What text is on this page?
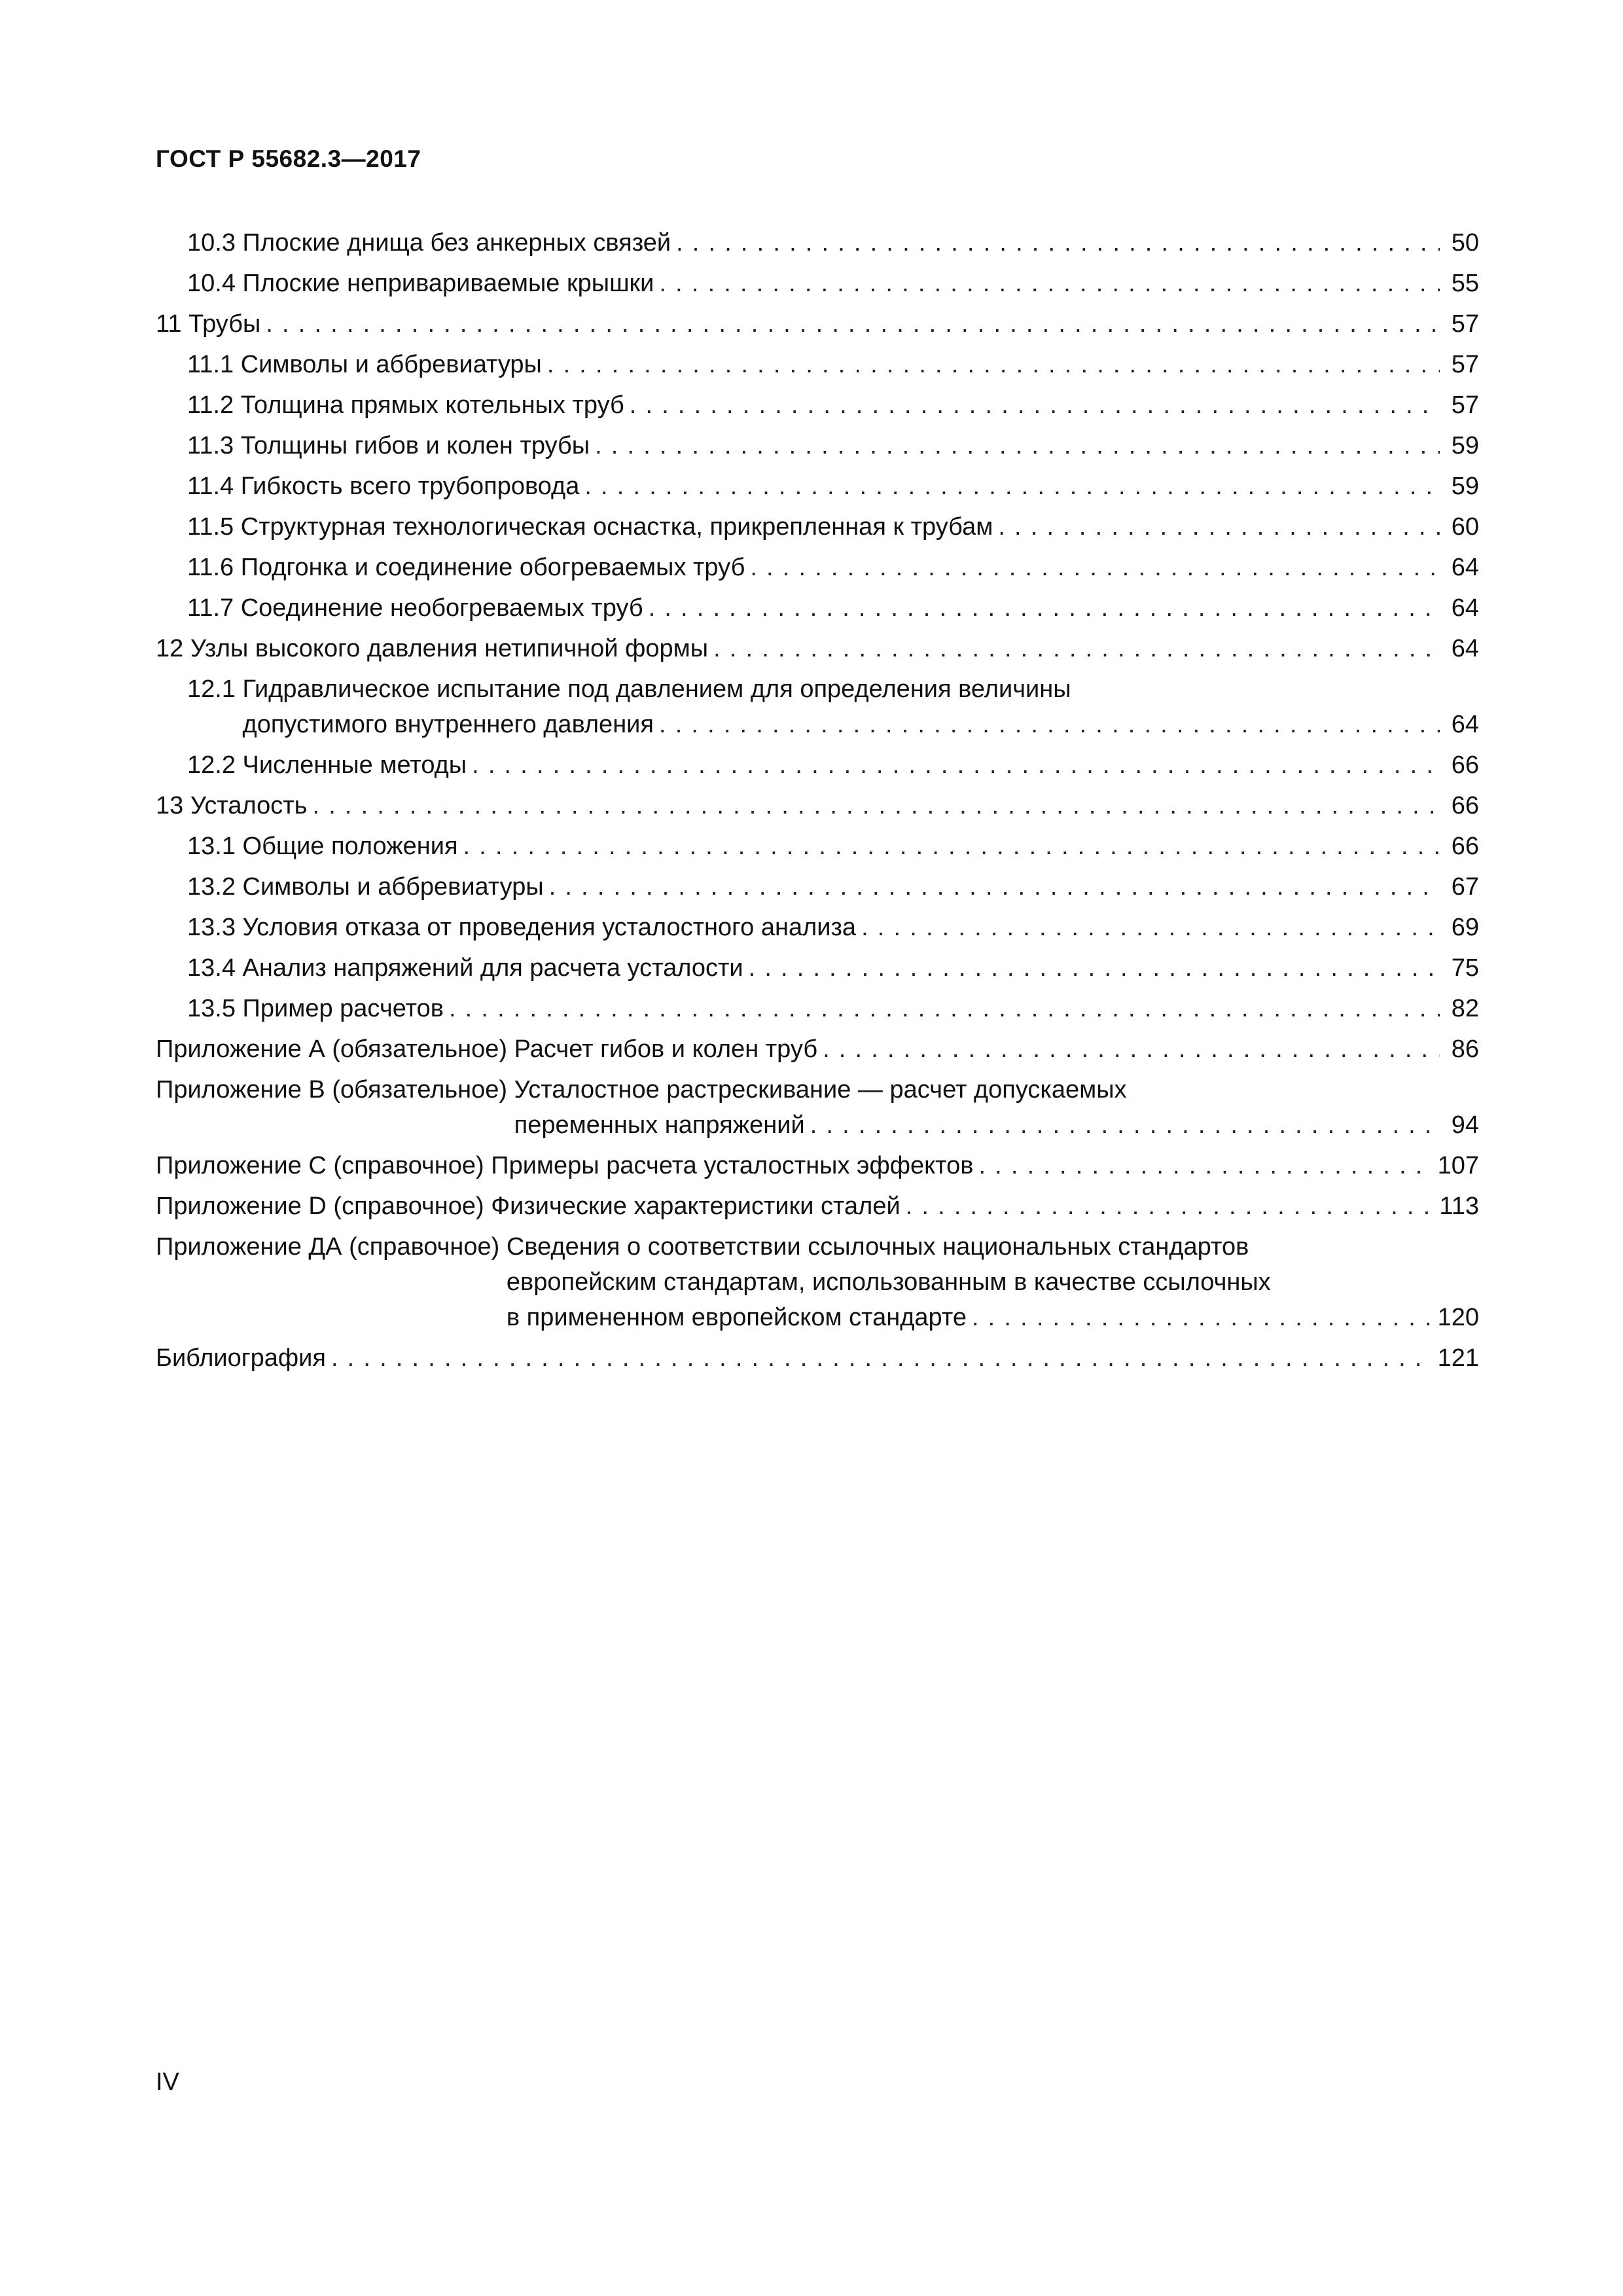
ГОСТ Р 55682.3—2017
10.3 Плоские днища без анкерных связей . . .	50
10.4 Плоские неприваривaемые крышки . . .	55
11 Трубы . . .	57
11.1 Символы и аббревиатуры . . .	57
11.2 Толщина прямых котельных труб . . .	57
11.3 Толщины гибов и колен трубы . . .	59
11.4 Гибкость всего трубопровода . . .	59
11.5 Структурная технологическая оснастка, прикрепленная к трубам . . .	60
11.6 Подгонка и соединение обогреваемых труб . . .	64
11.7 Соединение необогреваемых труб . . .	64
12 Узлы высокого давления нетипичной формы . . .	64
12.1 Гидравлическое испытание под давлением для определения величины
допустимого внутреннего давления . . .	64
12.2 Численные методы . . .	66
13 Усталость . . .	66
13.1 Общие положения . . .	66
13.2 Символы и аббревиатуры . . .	67
13.3 Условия отказа от проведения усталостного анализа . . .	69
13.4 Анализ напряжений для расчета усталости . . .	75
13.5 Пример расчетов . . .	82
Приложение А (обязательное) Расчет гибов и колен труб . . .	86
Приложение В (обязательное) Усталостное растрескивание — расчет допускаемых
переменных напряжений . . .	94
Приложение С (справочное) Примеры расчета усталостных эффектов . . .	107
Приложение D (справочное) Физические характеристики сталей . . .	113
Приложение ДА (справочное) Сведения о соответствии ссылочных национальных стандартов
европейским стандартам, использованным в качестве ссылочных
в примененном европейском стандарте . . .	120
Библиография . . .	121
IV
